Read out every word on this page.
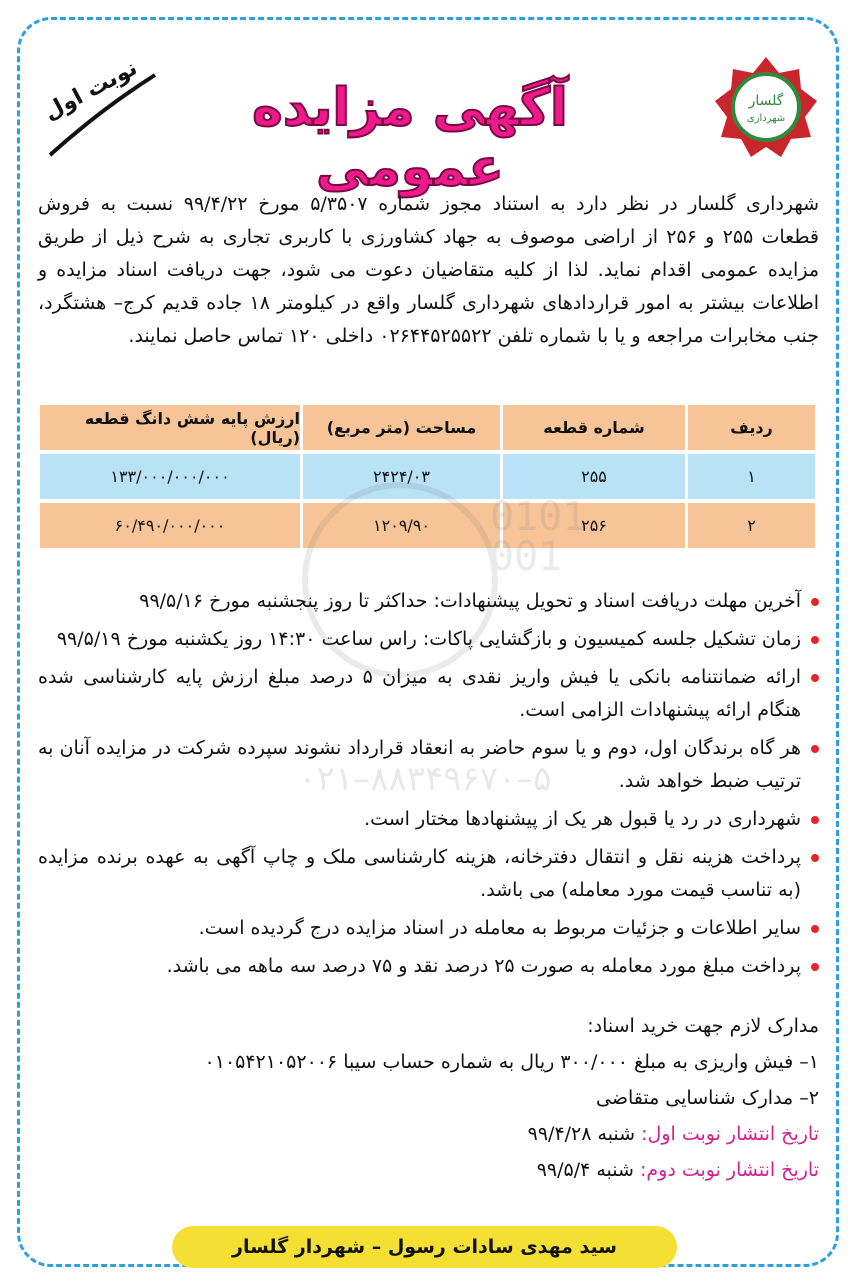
گلسار
شهرداری
آگهی مزایده عمومی
نوبت اول
شهرداری گلسار در نظر دارد به استناد مجوز شماره ۵/۳۵۰۷ مورخ ۹۹/۴/۲۲ نسبت به فروش قطعات ۲۵۵ و ۲۵۶ از اراضی موصوف به جهاد کشاورزی با کاربری تجاری به شرح ذیل از طریق مزایده عمومی اقدام نماید. لذا از کلیه متقاضیان دعوت می شود، جهت دریافت اسناد مزایده و اطلاعات بیشتر به امور قراردادهای شهرداری گلسار واقع در کیلومتر ۱۸ جاده قدیم کرج– هشتگرد، جنب مخابرات مراجعه و یا با شماره تلفن ۰۲۶۴۴۵۲۵۵۲۲ داخلی ۱۲۰ تماس حاصل نمایند.
ردیف
شماره قطعه
مساحت (متر مربع)
ارزش پایه شش دانگ قطعه (ریال)
۱
۲۵۵
۲۴۲۴/۰۳
۱۳۳/۰۰۰/۰۰۰/۰۰۰
۲
۲۵۶
۱۲۰۹/۹۰
۶۰/۴۹۰/۰۰۰/۰۰۰
آخرین مهلت دریافت اسناد و تحویل پیشنهادات: حداکثر تا روز پنجشنبه مورخ ۹۹/۵/۱۶
زمان تشکیل جلسه کمیسیون و بازگشایی پاکات: راس ساعت ۱۴:۳۰ روز یکشنبه مورخ ۹۹/۵/۱۹
ارائه ضمانتنامه بانکی یا فیش واریز نقدی به میزان ۵ درصد مبلغ ارزش پایه کارشناسی شده هنگام ارائه پیشنهادات الزامی است.
هر گاه برندگان اول، دوم و یا سوم حاضر به انعقاد قرارداد نشوند سپرده شرکت در مزایده آنان به ترتیب ضبط خواهد شد.
شهرداری در رد یا قبول هر یک از پیشنهادها مختار است.
پرداخت هزینه نقل و انتقال دفترخانه، هزینه کارشناسی ملک و چاپ آگهی به عهده برنده مزایده (به تناسب قیمت مورد معامله) می باشد.
سایر اطلاعات و جزئیات مربوط به معامله در اسناد مزایده درج گردیده است.
پرداخت مبلغ مورد معامله به صورت ۲۵ درصد نقد و ۷۵ درصد سه ماهه می باشد.
مدارک لازم جهت خرید اسناد:
۱– فیش واریزی به مبلغ ۳۰۰/۰۰۰ ریال به شماره حساب سیبا ۰۱۰۵۴۲۱۰۵۲۰۰۶
۲– مدارک شناسایی متقاضی
تاریخ انتشار نوبت اول: شنبه ۹۹/۴/۲۸
تاریخ انتشار نوبت دوم: شنبه ۹۹/۵/۴
001
۰۲۱–۸۸۳۴۹۶۷۰–۵
سید مهدی سادات رسول – شهردار گلسار
